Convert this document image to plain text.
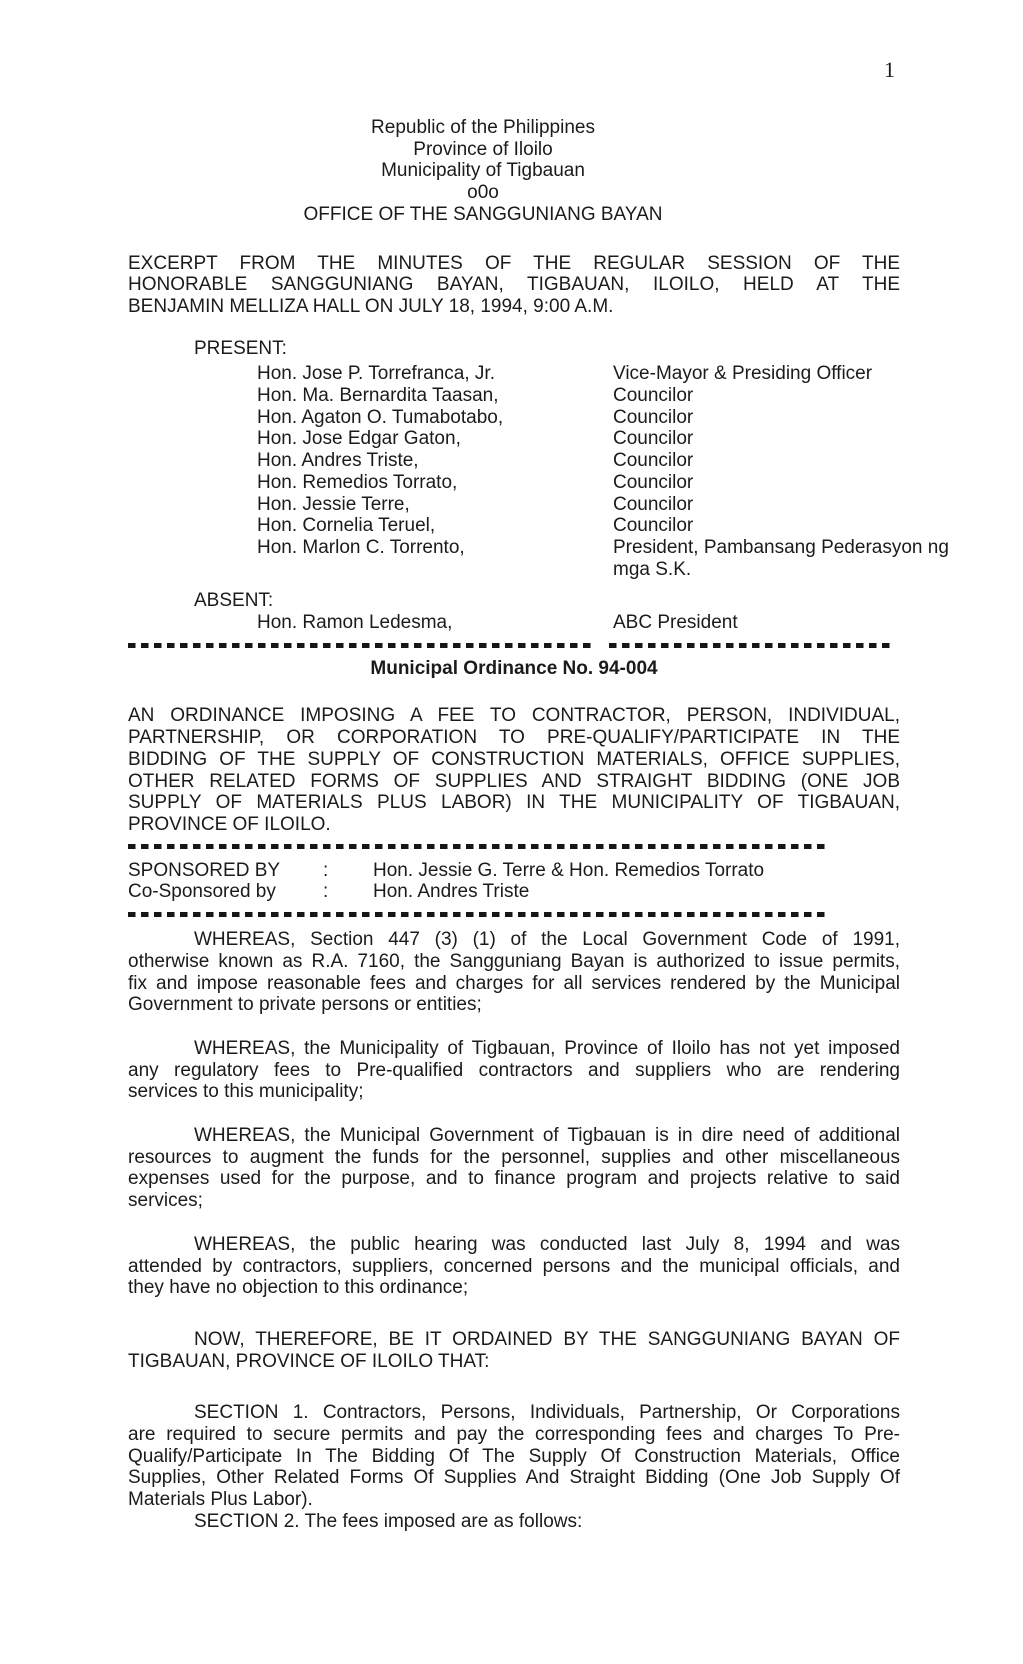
1
Republic of the Philippines
Province of Iloilo
Municipality of Tigbauan
o0o
OFFICE OF THE SANGGUNIANG BAYAN
EXCERPT FROM THE MINUTES OF THE REGULAR SESSION OF THE
HONORABLE SANGGUNIANG BAYAN, TIGBAUAN, ILOILO, HELD AT THE
BENJAMIN MELLIZA HALL ON JULY 18, 1994, 9:00 A.M.
PRESENT:
Hon. Jose P. Torrefranca, Jr.	Vice-Mayor & Presiding Officer
Hon. Ma. Bernardita Taasan,	Councilor
Hon. Agaton O. Tumabotabo,	Councilor
Hon. Jose Edgar Gaton,	Councilor
Hon. Andres Triste,	Councilor
Hon. Remedios Torrato,	Councilor
Hon. Jessie Terre,	Councilor
Hon. Cornelia Teruel,	Councilor
Hon. Marlon C. Torrento,	President, Pambansang Pederasyon ng mga S.K.
ABSENT:
Hon. Ramon Ledesma,	ABC President
Municipal Ordinance No. 94-004
AN ORDINANCE IMPOSING A FEE TO CONTRACTOR, PERSON, INDIVIDUAL,
PARTNERSHIP, OR CORPORATION TO PRE-QUALIFY/PARTICIPATE IN THE
BIDDING OF THE SUPPLY OF CONSTRUCTION MATERIALS, OFFICE SUPPLIES,
OTHER RELATED FORMS OF SUPPLIES AND STRAIGHT BIDDING (ONE JOB
SUPPLY OF MATERIALS PLUS LABOR) IN THE MUNICIPALITY OF TIGBAUAN,
PROVINCE OF ILOILO.
SPONSORED BY	:	Hon. Jessie G. Terre & Hon. Remedios Torrato
Co-Sponsored by	:	Hon. Andres Triste
WHEREAS, Section 447 (3) (1) of the Local Government Code of 1991,
otherwise known as R.A. 7160, the Sangguniang Bayan is authorized to issue permits,
fix and impose reasonable fees and charges for all services rendered by the Municipal
Government to private persons or entities;
WHEREAS, the Municipality of Tigbauan, Province of Iloilo has not yet imposed
any regulatory fees to Pre-qualified contractors and suppliers who are rendering
services to this municipality;
WHEREAS, the Municipal Government of Tigbauan is in dire need of additional
resources to augment the funds for the personnel, supplies and other miscellaneous
expenses used for the purpose, and to finance program and projects relative to said
services;
WHEREAS, the public hearing was conducted last July 8, 1994 and was
attended by contractors, suppliers, concerned persons and the municipal officials, and
they have no objection to this ordinance;
NOW, THEREFORE, BE IT ORDAINED BY THE SANGGUNIANG BAYAN OF
TIGBAUAN, PROVINCE OF ILOILO THAT:
SECTION 1. Contractors, Persons, Individuals, Partnership, Or Corporations
are required to secure permits and pay the corresponding fees and charges To Pre-
Qualify/Participate In The Bidding Of The Supply Of Construction Materials, Office
Supplies, Other Related Forms Of Supplies And Straight Bidding (One Job Supply Of
Materials Plus Labor).
SECTION 2. The fees imposed are as follows:
